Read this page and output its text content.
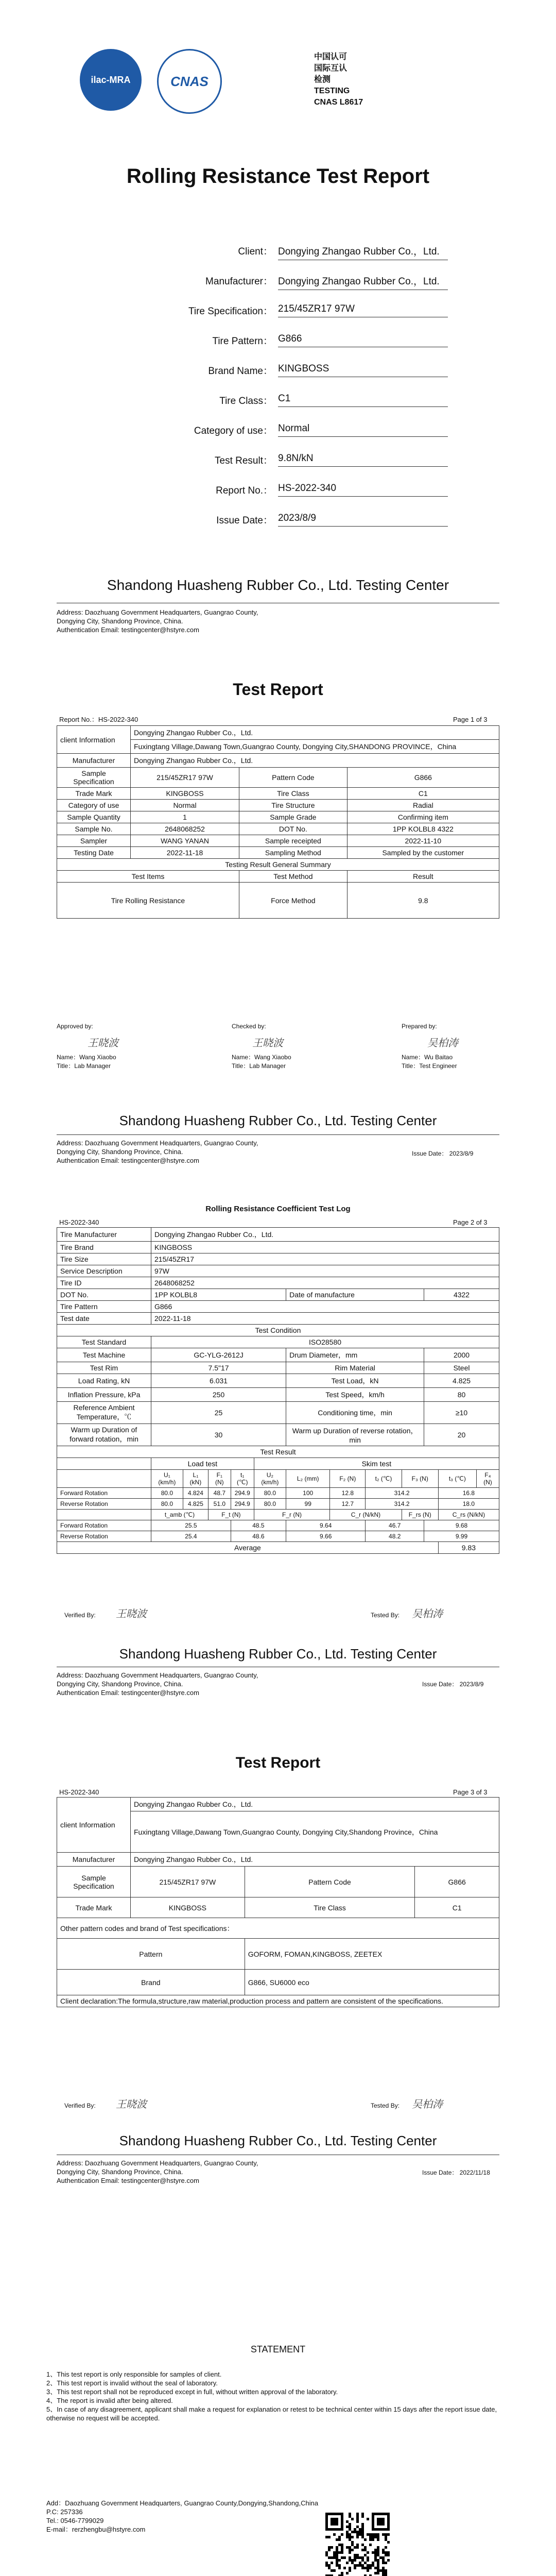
ilac-MRA	CNAS
中国认可
国际互认
检测
TESTING
CNAS L8617
Rolling Resistance Test Report
Client： Dongying Zhangao Rubber Co.，Ltd.
Manufacturer： Dongying Zhangao Rubber Co.，Ltd.
Tire Specification： 215/45ZR17 97W
Tire Pattern： G866
Brand Name： KINGBOSS
Tire Class： C1
Category of use： Normal
Test Result： 9.8N/kN
Report No.： HS-2022-340
Issue Date： 2023/8/9
Shandong Huasheng Rubber Co., Ltd. Testing Center
Address: Daozhuang Government Headquarters, Guangrao County,
Dongying City, Shandong Province, China.
Authentication Email: testingcenter@hstyre.com
Test Report
Report No.：HS-2022-340	Page 1 of 3
client Information	Dongying Zhangao Rubber Co.，Ltd.		
	Fuxingtang Village,Dawang Town,Guangrao County, Dongying City,SHANDONG PROVINCE，China		
Manufacturer	Dongying Zhangao Rubber Co.，Ltd.		
Sample Specification	215/45ZR17 97W	Pattern Code	G866
Trade Mark	KINGBOSS	Tire Class	C1
Category of use	Normal	Tire Structure	Radial
Sample Quantity	1	Sample Grade	Confirming item
Sample No.	2648068252	DOT No.	1PP KOLBL8 4322
Sampler	WANG YANAN	Sample receipted	2022-11-10
Testing Date	2022-11-18	Sampling Method	Sampled by the customer
Testing Result General Summary			
Test Items		Test Method	Result
Tire Rolling Resistance		Force Method	9.8
Approved by:	Checked by:	Prepared by:
王晓波	王晓波	吴柏涛
Name：Wang Xiaobo
Title：Lab Manager
Name：Wang Xiaobo
Title：Lab Manager
Name：Wu Baitao
Title：Test Engineer
Shandong Huasheng Rubber Co., Ltd. Testing Center
Address: Daozhuang Government Headquarters, Guangrao County,
Dongying City, Shandong Province, China.
Authentication Email: testingcenter@hstyre.com
Issue Date： 2023/8/9
Rolling Resistance Coefficient Test Log
HS-2022-340	Page 2 of 3
Tire Manufacturer	Dongying Zhangao Rubber Co.，Ltd.											
Tire Brand	KINGBOSS											
Tire Size	215/45ZR17											
Service Description	97W											
Tire ID	2648068252											
DOT No.	1PP KOLBL8					Date of manufacture				4322		
Tire Pattern	G866											
Test date	2022-11-18											
Test Condition												
Test Standard	ISO28580											
Test Machine	GC-YLG-2612J					Drum Diameter，mm				2000		
Test Rim	7.5"17					Rim Material				Steel		
Load Rating, kN	6.031					Test Load，kN				4.825		
Inflation Pressure, kPa	250					Test Speed，km/h				80		
Reference Ambient Temperature，℃	25					Conditioning time，min				≥10		
Warm up Duration of forward rotation，min	30					Warm up Duration of reverse rotation，min				20		
Test Result												
	Load test				Skim test							
	U₁ (km/h)	L₁ (kN)	F₁ (N)	t₁ (℃)	U₂ (km/h)	L₂ (mm)	F₂ (N)	t₂ (℃)	F₃ (N)		t₃ (℃)	F₄ (N)
Forward Rotation	80.0	4.824	48.7	294.9	80.0	100	12.8	314.2			16.8	
Reverse Rotation	80.0	4.825	51.0	294.9	80.0	99	12.7	314.2			18.0	
	t_amb (℃)		F_t (N)		F_r (N)		C_r (N/kN)		F_rs (N)		C_rs (N/kN)	
Forward Rotation	25.5			48.5		9.64		46.7		9.68		
Reverse Rotation	25.4			48.6		9.66		48.2		9.99		
Average											9.83	
Verified By: 王晓波	Tested By: 吴柏涛
Shandong Huasheng Rubber Co., Ltd. Testing Center
Address: Daozhuang Government Headquarters, Guangrao County,
Dongying City, Shandong Province, China.
Authentication Email: testingcenter@hstyre.com
Issue Date： 2023/8/9
Test Report
HS-2022-340	Page 3 of 3
client Information	Dongying Zhangao Rubber Co.，Ltd.		
	Fuxingtang Village,Dawang Town,Guangrao County, Dongying City,Shandong Province，China		
Manufacturer	Dongying Zhangao Rubber Co.，Ltd.		
Sample Specification	215/45ZR17 97W	Pattern Code	G866
Trade Mark	KINGBOSS	Tire Class	C1
Other pattern codes and brand of Test specifications：			
Pattern		GOFORM, FOMAN,KINGBOSS, ZEETEX	
Brand		G866, SU6000 eco	
Client declaration:The formula,structure,raw material,production process and pattern are consistent of the specifications.			
Verified By: 王晓波	Tested By: 吴柏涛
Shandong Huasheng Rubber Co., Ltd. Testing Center
Address: Daozhuang Government Headquarters, Guangrao County,
Dongying City, Shandong Province, China.
Authentication Email: testingcenter@hstyre.com
Issue Date： 2022/11/18
STATEMENT
1、This test report is only responsible for samples of client.
2、This test report is invalid without the seal of laboratory.
3、This test report shall not be reproduced except in full, without written approval of the laboratory.
4、The report is invalid after being altered.
5、In case of any disagreement, applicant shall make a request for explanation or retest to be technical center within 15 days after the report issue date, otherwise no request will be accepted.
Add：Daozhuang Government Headquarters, Guangrao County,Dongying,Shandong,China
P.C: 257336
Tel.: 0546-7799029
E-mail：rerzhengbu@hstyre.com
